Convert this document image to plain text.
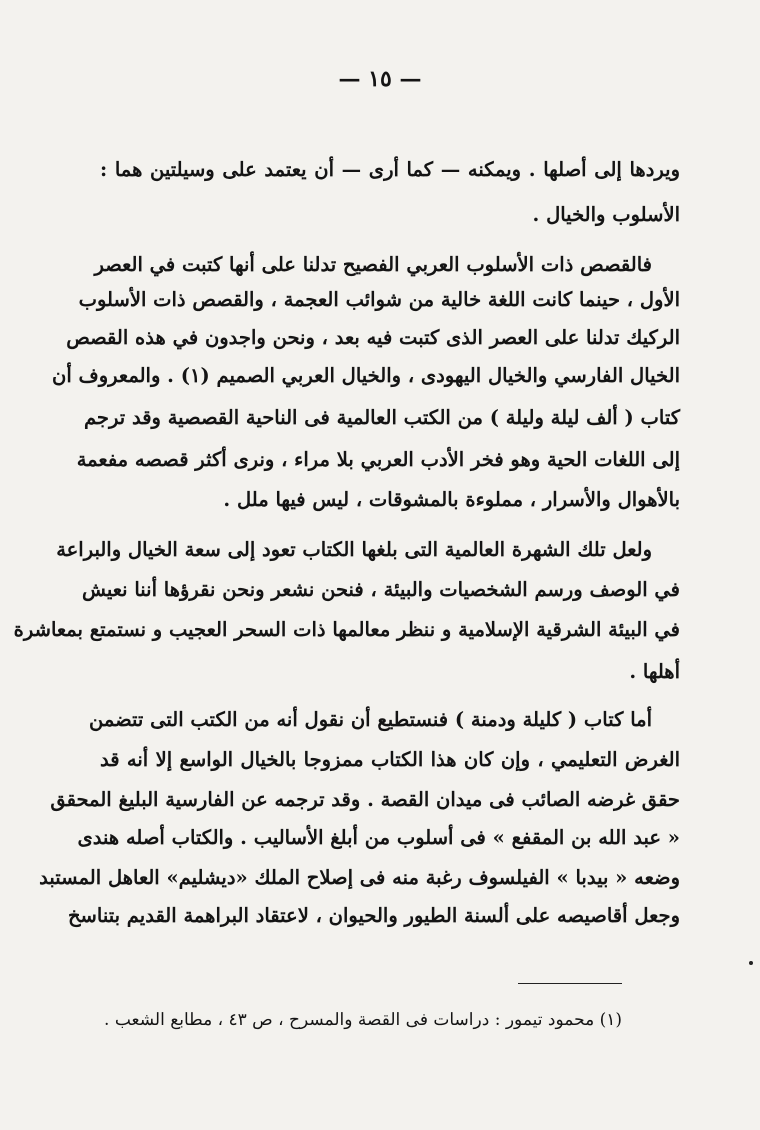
— ١٥ —
ويردها إلى أصلها . ويمكنه — كما أرى — أن يعتمد على وسيلتين هما :
الأسلوب والخيال .
فالقصص ذات الأسلوب العربي الفصيح تدلنا على أنها كتبت في العصر
الأول ، حينما كانت اللغة خالية من شوائب العجمة ، والقصص ذات الأسلوب
الركيك تدلنا على العصر الذى كتبت فيه بعد ، ونحن واجدون في هذه القصص
الخيال الفارسي والخيال اليهودى ، والخيال العربي الصميم (١) . والمعروف أن
كتاب ( ألف ليلة وليلة ) من الكتب العالمية فى الناحية القصصية وقد ترجم
إلى اللغات الحية وهو فخر الأدب العربي بلا مراء ، ونرى أكثر قصصه مفعمة
بالأهوال والأسرار ، مملوءة بالمشوقات ، ليس فيها ملل .
ولعل تلك الشهرة العالمية التى بلغها الكتاب تعود إلى سعة الخيال والبراعة
في الوصف ورسم الشخصيات والبيئة ، فنحن نشعر ونحن نقرؤها أننا نعيش
في البيئة الشرقية الإسلامية و ننظر معالمها ذات السحر العجيب و نستمتع بمعاشرة
أهلها .
أما كتاب ( كليلة ودمنة ) فنستطيع أن نقول أنه من الكتب التى تتضمن
الغرض التعليمي ، وإن كان هذا الكتاب ممزوجا بالخيال الواسع إلا أنه قد
حقق غرضه الصائب فى ميدان القصة . وقد ترجمه عن الفارسية البليغ المحقق
« عبد الله بن المقفع » فى أسلوب من أبلغ الأساليب . والكتاب أصله هندى
وضعه « بيدبا » الفيلسوف رغبة منه فى إصلاح الملك «ديشليم» العاهل المستبد
وجعل أقاصيصه على ألسنة الطيور والحيوان ، لاعتقاد البراهمة القديم بتناسخ
(١) محمود تيمور : دراسات فى القصة والمسرح ، ص ٤٣ ، مطابع الشعب .
